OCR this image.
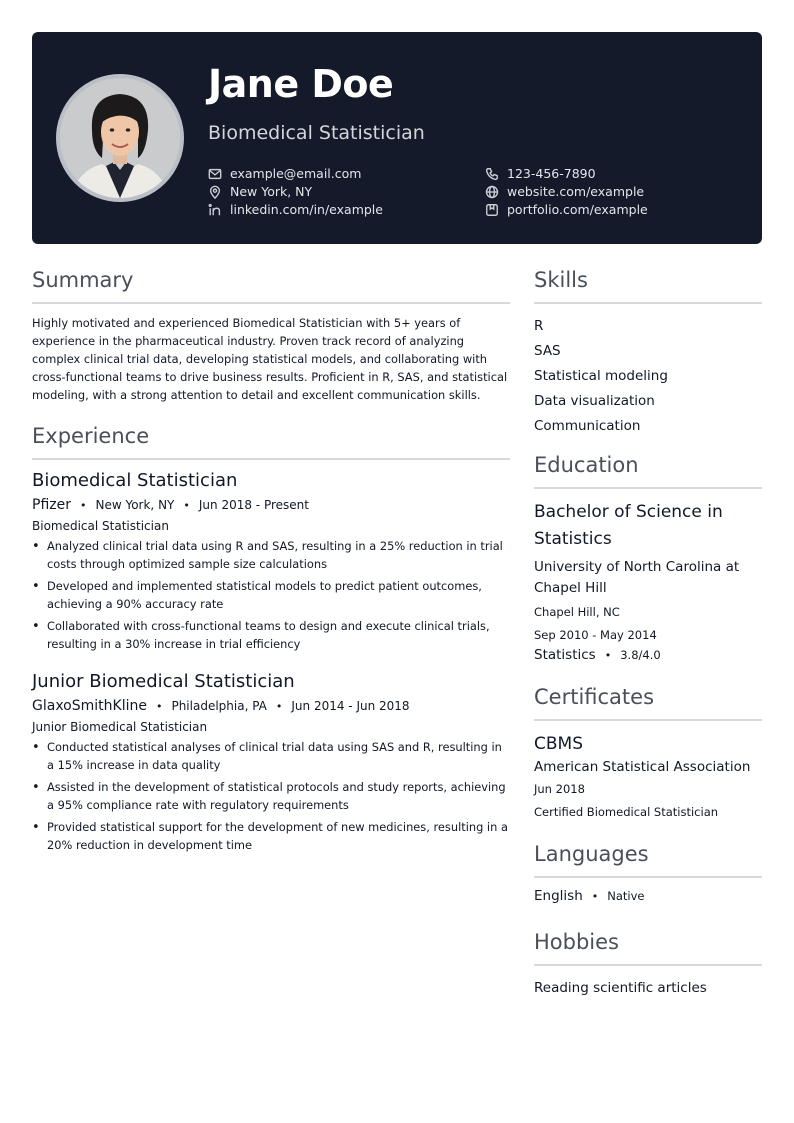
Jane Doe
Biomedical Statistician
example@email.com	123-456-7890
New York, NY	website.com/example
linkedin.com/in/example	portfolio.com/example
Summary

Highly motivated and experienced Biomedical Statistician with 5+ years of experience in the pharmaceutical industry. Proven track record of analyzing complex clinical trial data, developing statistical models, and collaborating with cross-functional teams to drive business results. Proficient in R, SAS, and statistical modeling, with a strong attention to detail and excellent communication skills.

Experience
Biomedical Statistician
Pfizer • New York, NY • Jun 2018 - Present
Biomedical Statistician
• Analyzed clinical trial data using R and SAS, resulting in a 25% reduction in trial costs through optimized sample size calculations
• Developed and implemented statistical models to predict patient outcomes, achieving a 90% accuracy rate
• Collaborated with cross-functional teams to design and execute clinical trials, resulting in a 30% increase in trial efficiency
Junior Biomedical Statistician
GlaxoSmithKline • Philadelphia, PA • Jun 2014 - Jun 2018
Junior Biomedical Statistician
• Conducted statistical analyses of clinical trial data using SAS and R, resulting in a 15% increase in data quality
• Assisted in the development of statistical protocols and study reports, achieving a 95% compliance rate with regulatory requirements
• Provided statistical support for the development of new medicines, resulting in a 20% reduction in development time
Skills
R
SAS
Statistical modeling
Data visualization
Communication
Education
Bachelor of Science in Statistics
University of North Carolina at Chapel Hill
Chapel Hill, NC
Sep 2010 - May 2014
Statistics • 3.8/4.0
Certificates
CBMS
American Statistical Association
Jun 2018
Certified Biomedical Statistician
Languages
English • Native
Hobbies
Reading scientific articles
